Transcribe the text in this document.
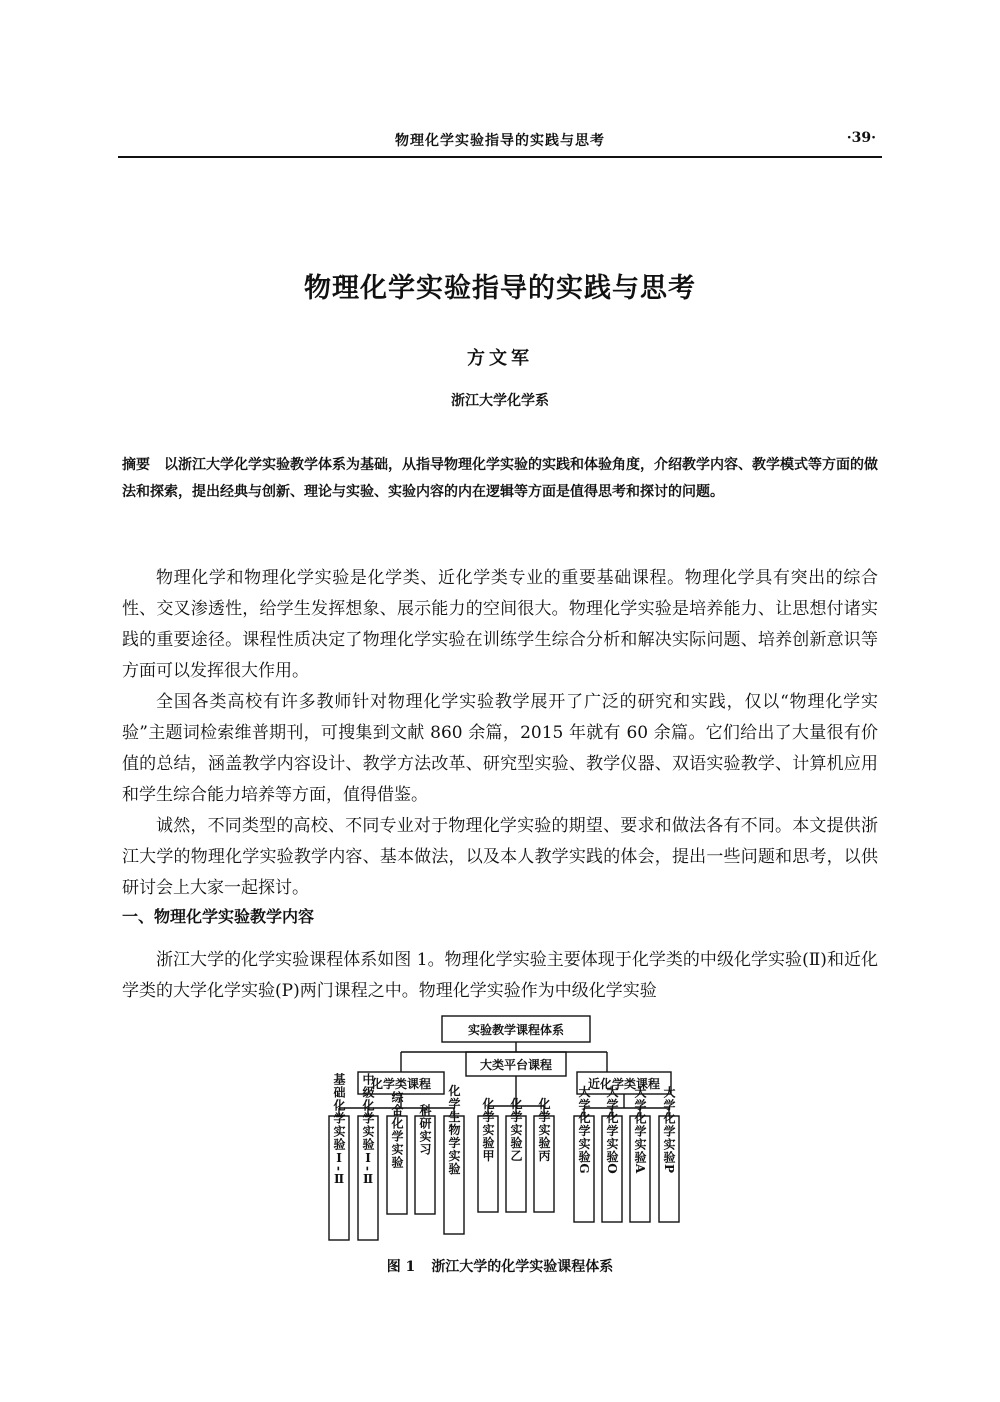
物理化学实验指导的实践与思考	·39·
物理化学实验指导的实践与思考
方文军
浙江大学化学系
摘要 以浙江大学化学实验教学体系为基础，从指导物理化学实验的实践和体验角度，介绍教学内容、教学模式等方面的做法和探索，提出经典与创新、理论与实验、实验内容的内在逻辑等方面是值得思考和探讨的问题。

物理化学和物理化学实验是化学类、近化学类专业的重要基础课程。物理化学具有突出的综合性、交叉渗透性，给学生发挥想象、展示能力的空间很大。物理化学实验是培养能力、让思想付诸实践的重要途径。课程性质决定了物理化学实验在训练学生综合分析和解决实际问题、培养创新意识等方面可以发挥很大作用。

全国各类高校有许多教师针对物理化学实验教学展开了广泛的研究和实践，仅以“物理化学实验”主题词检索维普期刊，可搜集到文献 860 余篇，2015 年就有 60 余篇。它们给出了大量很有价值的总结，涵盖教学内容设计、教学方法改革、研究型实验、教学仪器、双语实验教学、计算机应用和学生综合能力培养等方面，值得借鉴。

诚然，不同类型的高校、不同专业对于物理化学实验的期望、要求和做法各有不同。本文提供浙江大学的物理化学实验教学内容、基本做法，以及本人教学实践的体会，提出一些问题和思考，以供研讨会上大家一起探讨。

一、物理化学实验教学内容

浙江大学的化学实验课程体系如图 1。物理化学实验主要体现于化学类的中级化学实验(Ⅱ)和近化学类的大学化学实验(P)两门课程之中。物理化学实验作为中级化学实验

实验教学课程体系
大类平台课程
化学类课程	近化学类课程
基础化学实验Ⅰ-Ⅱ 中级化学实验Ⅰ-Ⅱ 综合化学实验 科研实习 化学生物学实验 化学实验甲 化学实验乙 化学实验丙 大学化学实验G 大学化学实验O 大学化学实验A 大学化学实验P
图 1 浙江大学的化学实验课程体系
